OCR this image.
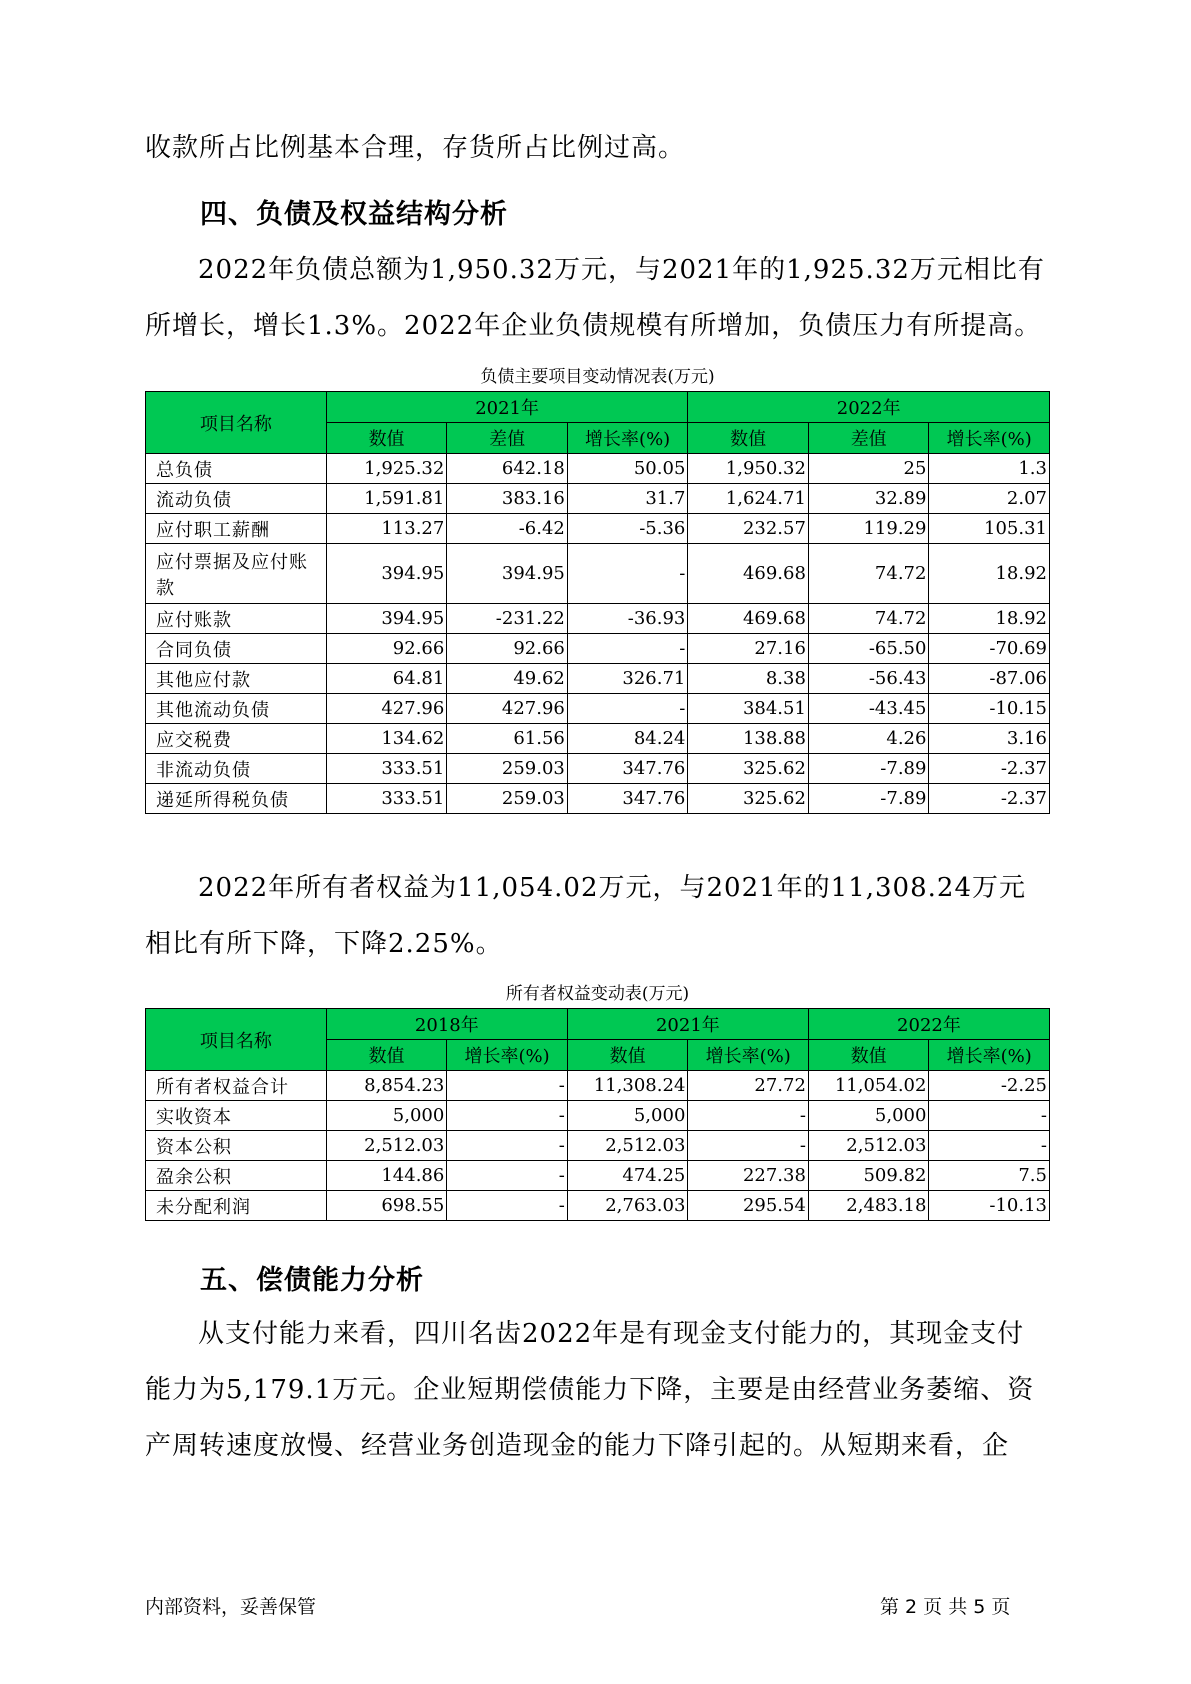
收款所占比例基本合理，存货所占比例过高。

四、负债及权益结构分析

2022年负债总额为1,950.32万元，与2021年的1,925.32万元相比有所增长，增长1.3%。2022年企业负债规模有所增加，负债压力有所提高。

负债主要项目变动情况表(万元)

项目名称	2021年			2022年		
	数值	差值	增长率(%)	数值	差值	增长率(%)
总负债	1,925.32	642.18	50.05	1,950.32	25	1.3
流动负债	1,591.81	383.16	31.7	1,624.71	32.89	2.07
应付职工薪酬	113.27	-6.42	-5.36	232.57	119.29	105.31
应付票据及应付账款	394.95	394.95	-	469.68	74.72	18.92
应付账款	394.95	-231.22	-36.93	469.68	74.72	18.92
合同负债	92.66	92.66	-	27.16	-65.50	-70.69
其他应付款	64.81	49.62	326.71	8.38	-56.43	-87.06
其他流动负债	427.96	427.96	-	384.51	-43.45	-10.15
应交税费	134.62	61.56	84.24	138.88	4.26	3.16
非流动负债	333.51	259.03	347.76	325.62	-7.89	-2.37
递延所得税负债	333.51	259.03	347.76	325.62	-7.89	-2.37

2022年所有者权益为11,054.02万元，与2021年的11,308.24万元相比有所下降，下降2.25%。

所有者权益变动表(万元)

项目名称	2018年		2021年		2022年	
	数值	增长率(%)	数值	增长率(%)	数值	增长率(%)
所有者权益合计	8,854.23	-	11,308.24	27.72	11,054.02	-2.25
实收资本	5,000	-	5,000	-	5,000	-
资本公积	2,512.03	-	2,512.03	-	2,512.03	-
盈余公积	144.86	-	474.25	227.38	509.82	7.5
未分配利润	698.55	-	2,763.03	295.54	2,483.18	-10.13
五、偿债能力分析

从支付能力来看，四川名齿2022年是有现金支付能力的，其现金支付能力为5,179.1万元。企业短期偿债能力下降，主要是由经营业务萎缩、资产周转速度放慢、经营业务创造现金的能力下降引起的。从短期来看，企

内部资料，妥善保管	第 2 页 共 5 页
